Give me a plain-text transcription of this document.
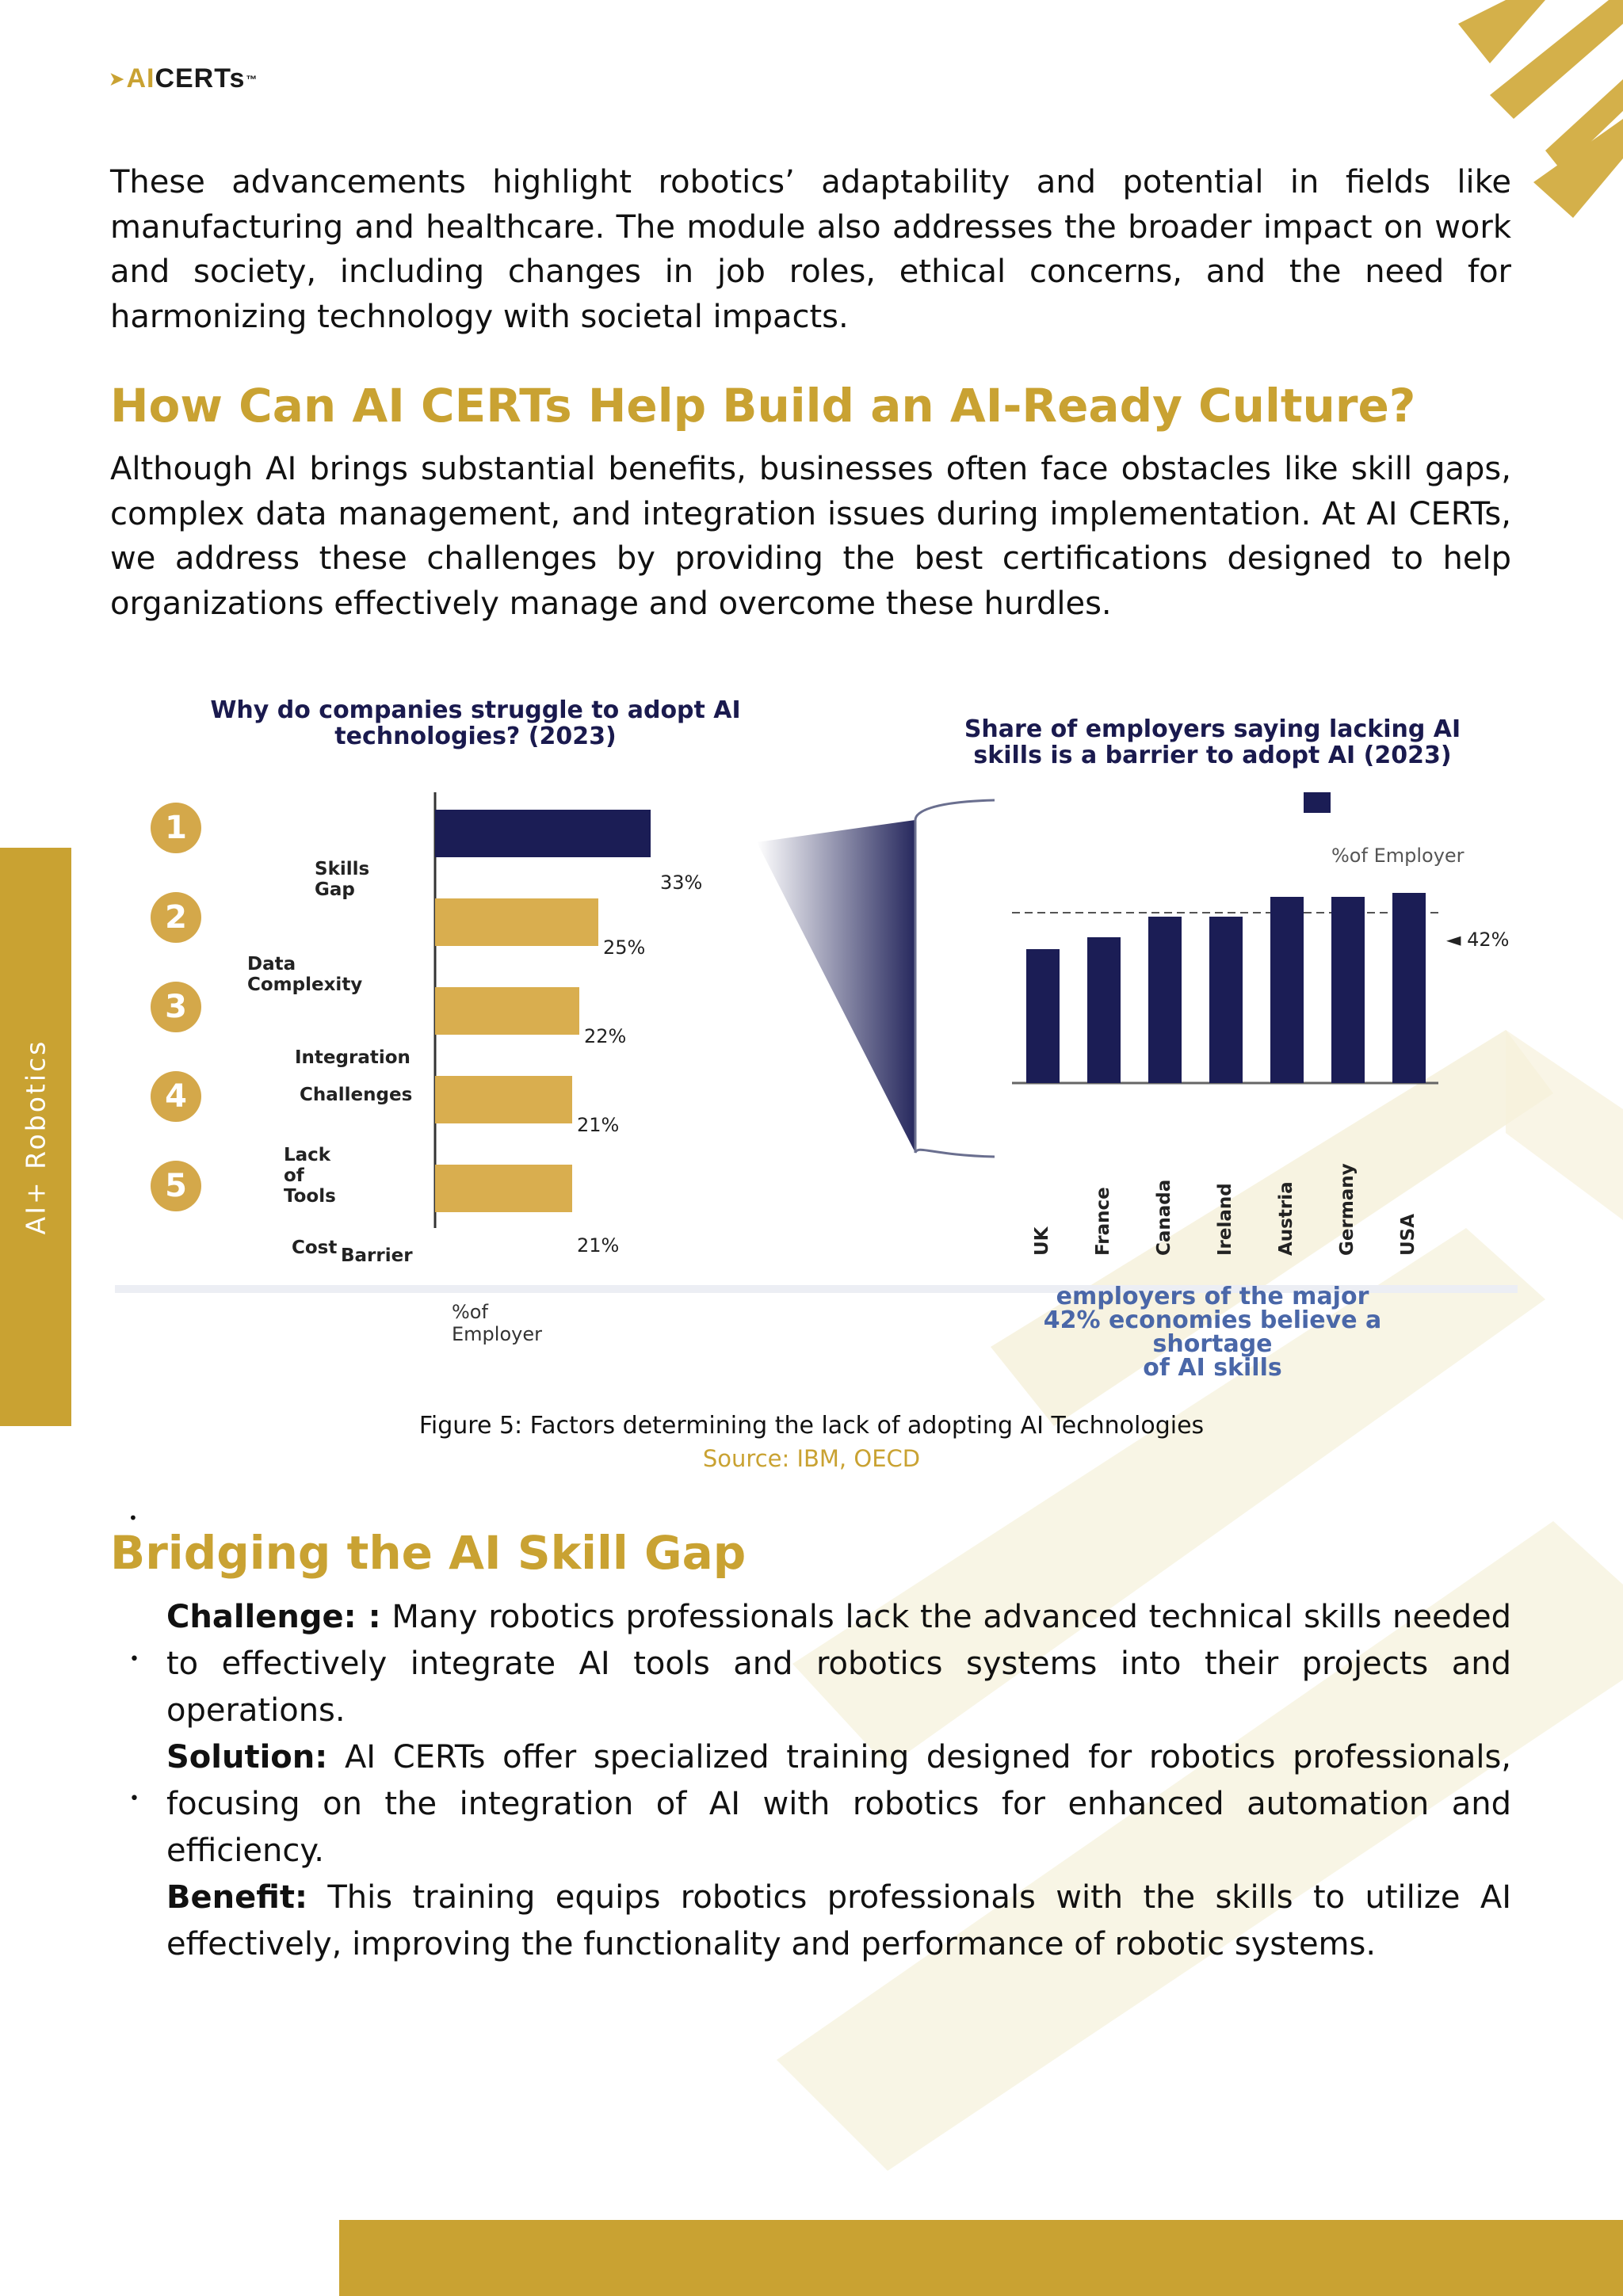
➤ AI CERTs ™
These advancements highlight robotics’ adaptability and potential in fields like manufacturing and healthcare. The module also addresses the broader impact on work and society, including changes in job roles, ethical concerns, and the need for harmonizing technology with societal impacts.
How Can AI CERTs Help Build an AI-Ready Culture?
Although AI brings substantial benefits, businesses often face obstacles like skill gaps, complex data management, and integration issues during implementation. At AI CERTs, we address these challenges by providing the best certifications designed to help organizations effectively manage and overcome these hurdles.
AI+ Robotics
Why do companies struggle to adopt AI technologies? (2023)
1
2
3
4
5
Skills Gap
Data Complexity
Integration
Challenges
Lack of Tools
Cost Barrier
33%
25%
22%
21%
21%
%of Employer
Share of employers saying lacking AI skills is a barrier to adopt AI (2023)
%of Employer
◄ 42%
UK France Canada Ireland Austria Germany USA
employers of the major
42% economies believe a shortage
of AI skills
Figure 5: Factors determining the lack of adopting AI Technologies
Source: IBM, OECD
•
Bridging the AI Skill Gap
•
Challenge: : Many robotics professionals lack the advanced technical skills needed to effectively integrate AI tools and robotics systems into their projects and operations.
•
Solution: AI CERTs offer specialized training designed for robotics professionals, focusing on the integration of AI with robotics for enhanced automation and efficiency.
Benefit: This training equips robotics professionals with the skills to utilize AI effectively, improving the functionality and performance of robotic systems.
